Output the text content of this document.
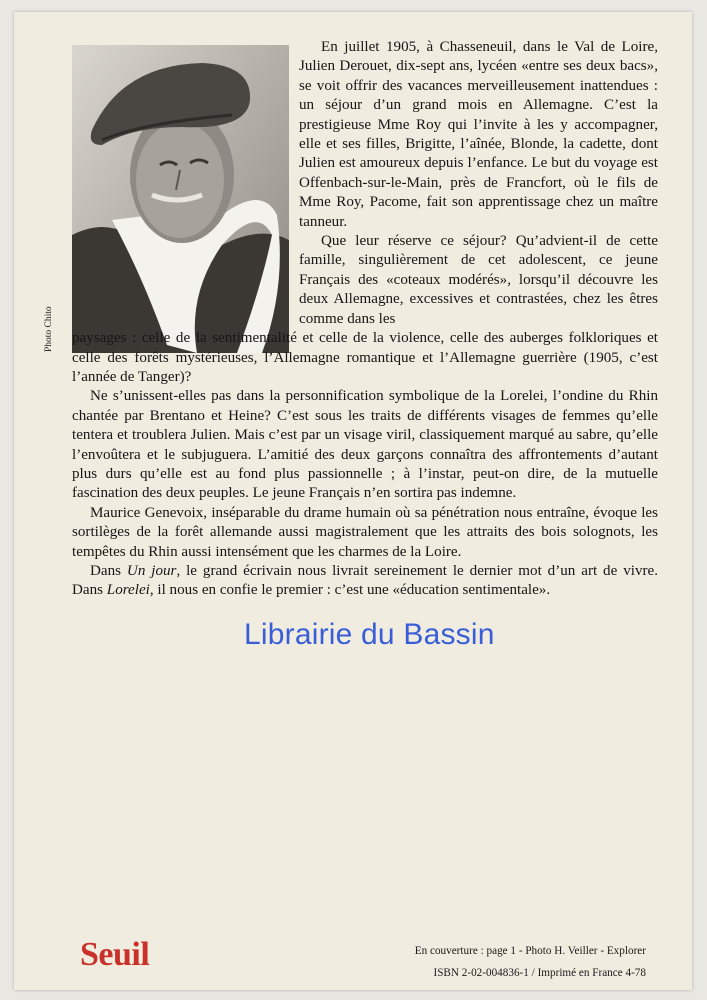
Photo Chito

En juillet 1905, à Chasseneuil, dans le Val de Loire, Julien Derouet, dix-sept ans, lycéen «entre ses deux bacs», se voit offrir des vacances merveilleusement inattendues : un séjour d’un grand mois en Allemagne. C’est la prestigieuse Mme Roy qui l’invite à les y accompagner, elle et ses filles, Brigitte, l’aînée, Blonde, la cadette, dont Julien est amoureux depuis l’enfance. Le but du voyage est Offenbach-sur-le-Main, près de Francfort, où le fils de Mme Roy, Pacome, fait son apprentissage chez un maître tanneur.

Que leur réserve ce séjour? Qu’advient-il de cette famille, singulièrement de cet adolescent, ce jeune Français des «coteaux modérés», lorsqu’il découvre les deux Allemagne, excessives et contrastées, chez les êtres comme dans les

paysages : celle de la sentimentalité et celle de la violence, celle des auberges folkloriques et celle des forêts mystérieuses, l’Allemagne romantique et l’Allemagne guerrière (1905, c’est l’année de Tanger)?

Ne s’unissent-elles pas dans la personnification symbolique de la Lorelei, l’ondine du Rhin chantée par Brentano et Heine? C’est sous les traits de différents visages de femmes qu’elle tentera et troublera Julien. Mais c’est par un visage viril, classiquement marqué au sabre, qu’elle l’envoûtera et le subjuguera. L’amitié des deux garçons connaîtra des affrontements d’autant plus durs qu’elle est au fond plus passionnelle ; à l’instar, peut-on dire, de la mutuelle fascination des deux peuples. Le jeune Français n’en sortira pas indemne.

Maurice Genevoix, inséparable du drame humain où sa pénétration nous entraîne, évoque les sortilèges de la forêt allemande aussi magistralement que les attraits des bois solognots, les tempêtes du Rhin aussi intensément que les charmes de la Loire.

Dans Un jour, le grand écrivain nous livrait sereinement le dernier mot d’un art de vivre. Dans Lorelei, il nous en confie le premier : c’est une «éducation sentimentale».

Seuil	En couverture : page 1 - Photo H. Veiller - Explorer
ISBN 2-02-004836-1 / Imprimé en France 4-78
Librairie du Bassin
